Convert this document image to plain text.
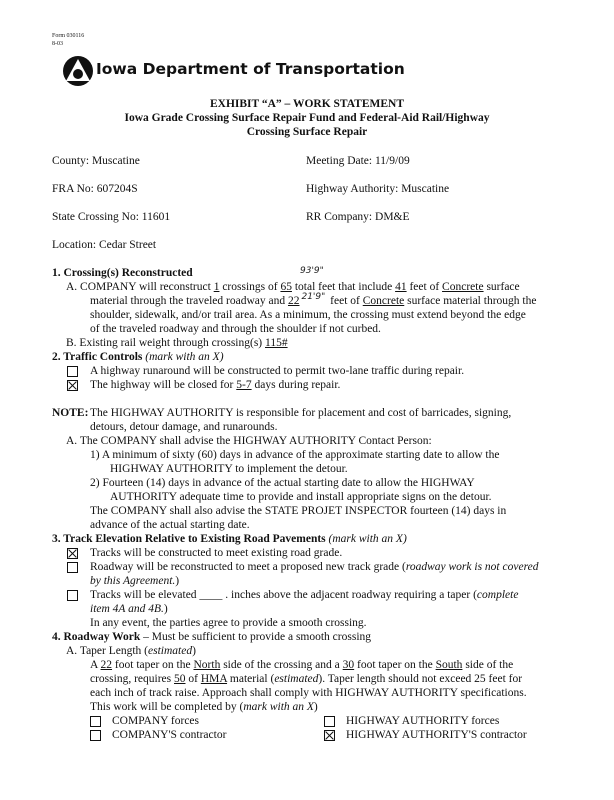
Form 030116
8-03
Iowa Department of Transportation
EXHIBIT “A” – WORK STATEMENT
Iowa Grade Crossing Surface Repair Fund and Federal-Aid Rail/Highway
Crossing Surface Repair
County: Muscatine	Meeting Date: 11/9/09
FRA No: 607204S	Highway Authority: Muscatine
State Crossing No: 11601	RR Company: DM&E
Location: Cedar Street
1. Crossing(s) Reconstructed	93'9"
A. COMPANY will reconstruct 1 crossings of 65 total feet that include 41 feet of Concrete surface
material through the traveled roadway and 22 $^{21'9"}$ feet of Concrete surface material through the
shoulder, sidewalk, and/or trail area. As a minimum, the crossing must extend beyond the edge
of the traveled roadway and through the shoulder if not curbed.
B. Existing rail weight through crossing(s) 115#
2. Traffic Controls (mark with an X)
A highway runaround will be constructed to permit two-lane traffic during repair.
The highway will be closed for 5-7 days during repair.
NOTE: The HIGHWAY AUTHORITY is responsible for placement and cost of barricades, signing,
detours, detour damage, and runarounds.
A. The COMPANY shall advise the HIGHWAY AUTHORITY Contact Person:
1) A minimum of sixty (60) days in advance of the approximate starting date to allow the
HIGHWAY AUTHORITY to implement the detour.
2) Fourteen (14) days in advance of the actual starting date to allow the HIGHWAY
AUTHORITY adequate time to provide and install appropriate signs on the detour.
The COMPANY shall also advise the STATE PROJET INSPECTOR fourteen (14) days in
advance of the actual starting date.
3. Track Elevation Relative to Existing Road Pavements (mark with an X)
Tracks will be constructed to meet existing road grade.
Roadway will be reconstructed to meet a proposed new track grade (roadway work is not covered
by this Agreement.)
Tracks will be elevated ____ . inches above the adjacent roadway requiring a taper (complete
item 4A and 4B.)
In any event, the parties agree to provide a smooth crossing.
4. Roadway Work – Must be sufficient to provide a smooth crossing
A. Taper Length (estimated)
A 22 foot taper on the North side of the crossing and a 30 foot taper on the South side of the
crossing, requires 50 of HMA material (estimated). Taper length should not exceed 25 feet for
each inch of track raise. Approach shall comply with HIGHWAY AUTHORITY specifications.
This work will be completed by (mark with an X)
COMPANY forces	HIGHWAY AUTHORITY forces
COMPANY'S contractor	HIGHWAY AUTHORITY'S contractor
